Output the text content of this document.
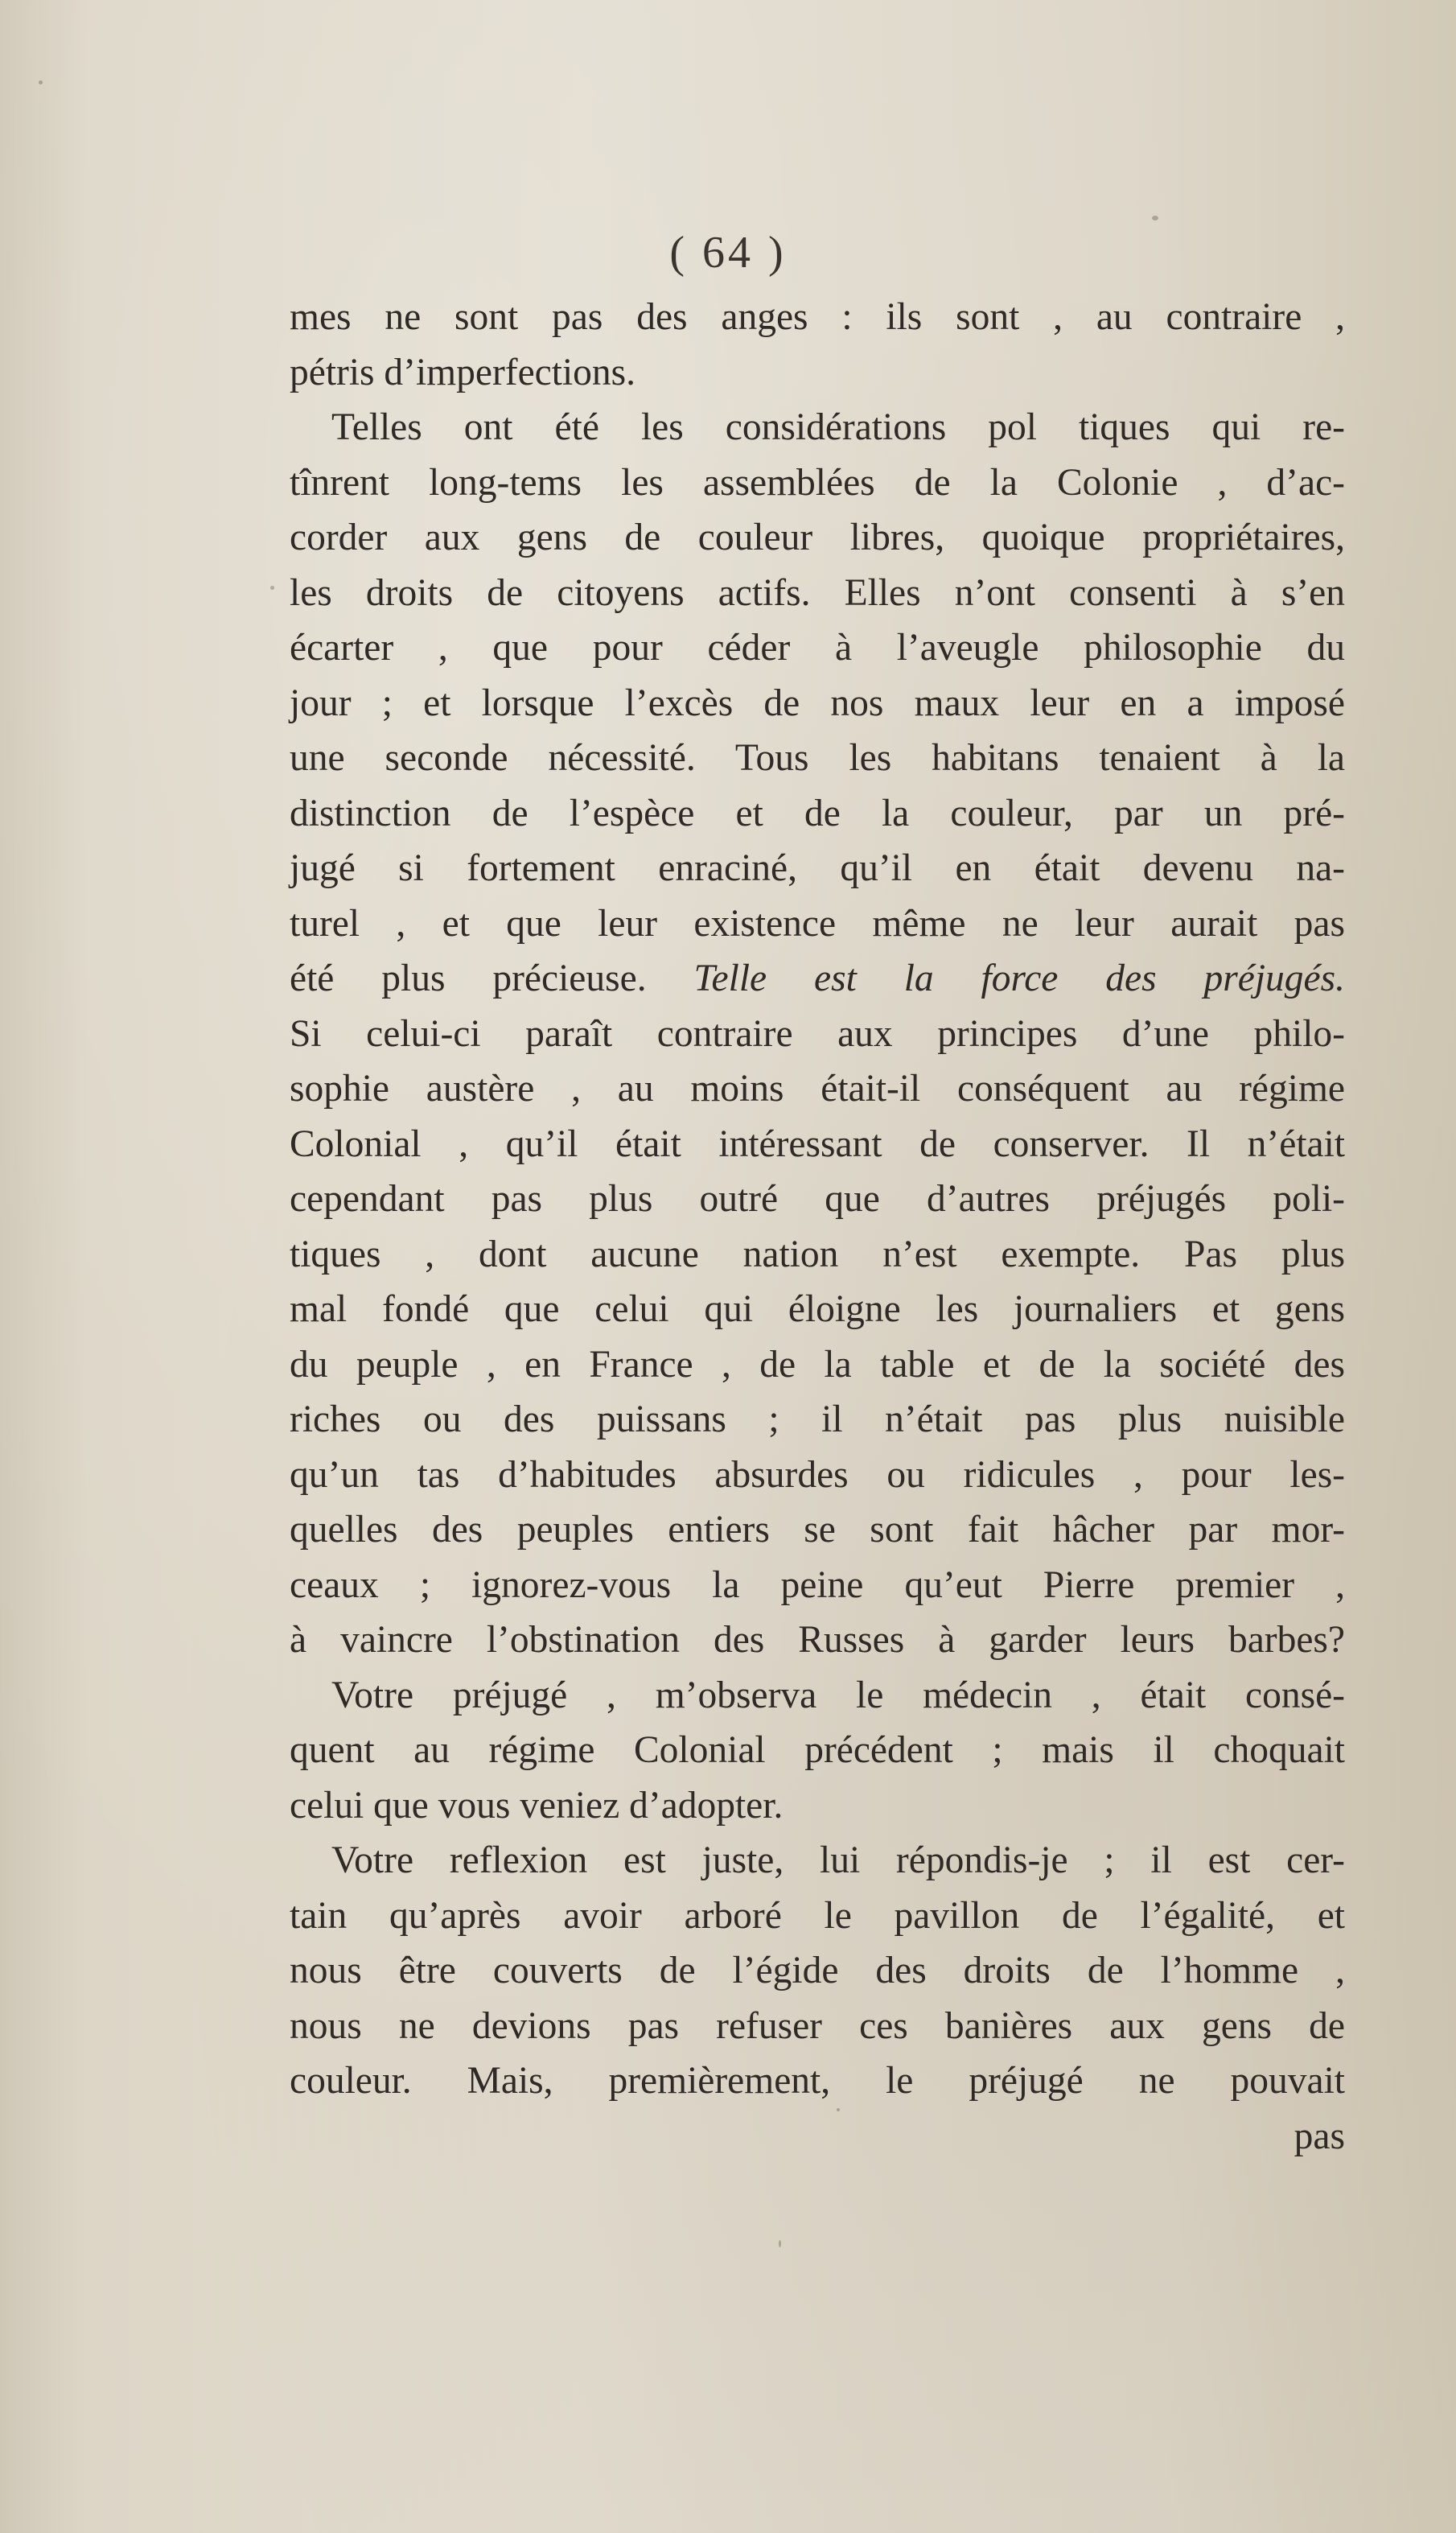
( 64 )
mes ne sont pas des anges : ils sont , au contraire ,
pétris d’imperfections.
Telles ont été les considérations pol tiques qui re-
tînrent long-tems les assemblées de la Colonie , d’ac-
corder aux gens de couleur libres, quoique propriétaires,
les droits de citoyens actifs. Elles n’ont consenti à s’en
écarter , que pour céder à l’aveugle philosophie du
jour ; et lorsque l’excès de nos maux leur en a imposé
une seconde nécessité. Tous les habitans tenaient à la
distinction de l’espèce et de la couleur, par un pré-
jugé si fortement enraciné, qu’il en était devenu na-
turel , et que leur existence même ne leur aurait pas
été plus précieuse. Telle est la force des préjugés.
Si celui-ci paraît contraire aux principes d’une philo-
sophie austère , au moins était-il conséquent au régime
Colonial , qu’il était intéressant de conserver. Il n’était
cependant pas plus outré que d’autres préjugés poli-
tiques , dont aucune nation n’est exempte. Pas plus
mal fondé que celui qui éloigne les journaliers et gens
du peuple , en France , de la table et de la société des
riches ou des puissans ; il n’était pas plus nuisible
qu’un tas d’habitudes absurdes ou ridicules , pour les-
quelles des peuples entiers se sont fait hâcher par mor-
ceaux ; ignorez-vous la peine qu’eut Pierre premier ,
à vaincre l’obstination des Russes à garder leurs barbes?
Votre préjugé , m’observa le médecin , était consé-
quent au régime Colonial précédent ; mais il choquait
celui que vous veniez d’adopter.
Votre reflexion est juste, lui répondis-je ; il est cer-
tain qu’après avoir arboré le pavillon de l’égalité, et
nous être couverts de l’égide des droits de l’homme ,
nous ne devions pas refuser ces banières aux gens de
couleur. Mais, premièrement, le préjugé ne pouvait
pas
